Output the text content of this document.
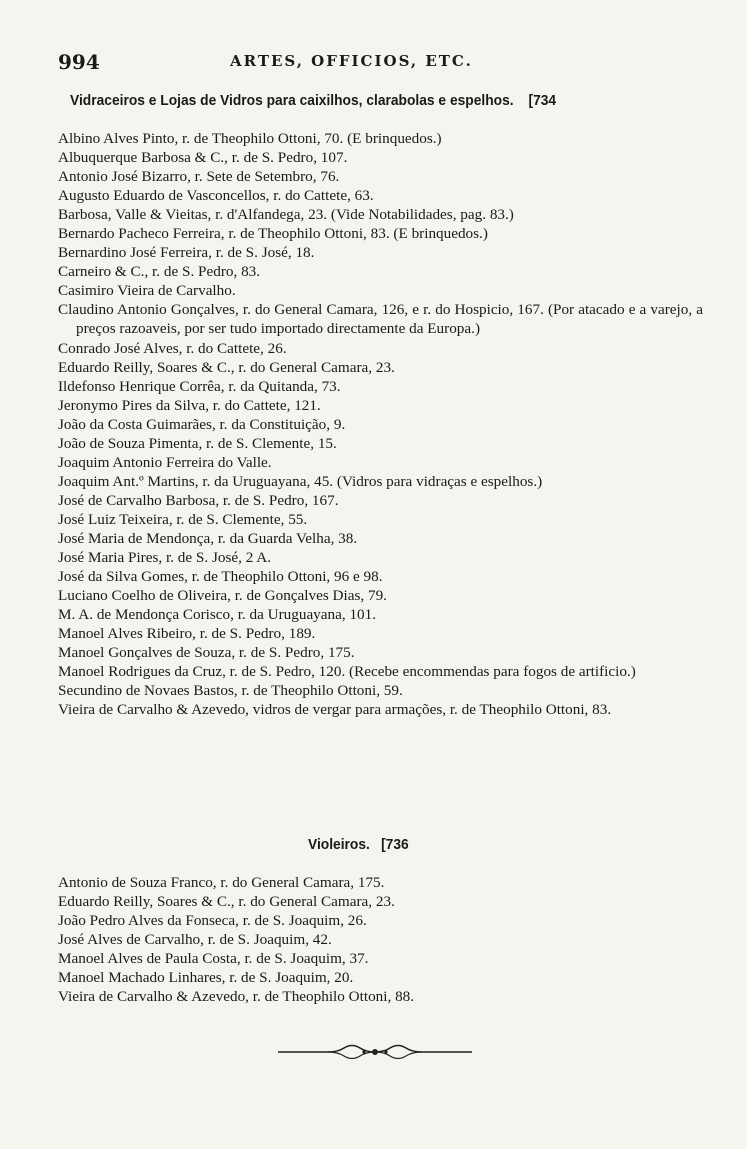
994	ARTES, OFFICIOS, ETC.
Vidraceiros e Lojas de Vidros para caixilhos, clarabolas e espelhos. [734
Albino Alves Pinto, r. de Theophilo Ottoni, 70. (E brinquedos.)
Albuquerque Barbosa & C., r. de S. Pedro, 107.
Antonio José Bizarro, r. Sete de Setembro, 76.
Augusto Eduardo de Vasconcellos, r. do Cattete, 63.
Barbosa, Valle & Vieitas, r. d'Alfandega, 23. (Vide Notabilidades, pag. 83.)
Bernardo Pacheco Ferreira, r. de Theophilo Ottoni, 83. (E brinquedos.)
Bernardino José Ferreira, r. de S. José, 18.
Carneiro & C., r. de S. Pedro, 83.
Casimiro Vieira de Carvalho.
Claudino Antonio Gonçalves, r. do General Camara, 126, e r. do Hospicio, 167. (Por atacado e a varejo, a preços razoaveis, por ser tudo importado directamente da Europa.)
Conrado José Alves, r. do Cattete, 26.
Eduardo Reilly, Soares & C., r. do General Camara, 23.
Ildefonso Henrique Corrêa, r. da Quitanda, 73.
Jeronymo Pires da Silva, r. do Cattete, 121.
João da Costa Guimarães, r. da Constituição, 9.
João de Souza Pimenta, r. de S. Clemente, 15.
Joaquim Antonio Ferreira do Valle.
Joaquim Ant.º Martins, r. da Uruguayana, 45. (Vidros para vidraças e espelhos.)
José de Carvalho Barbosa, r. de S. Pedro, 167.
José Luiz Teixeira, r. de S. Clemente, 55.
José Maria de Mendonça, r. da Guarda Velha, 38.
José Maria Pires, r. de S. José, 2 A.
José da Silva Gomes, r. de Theophilo Ottoni, 96 e 98.
Luciano Coelho de Oliveira, r. de Gonçalves Dias, 79.
M. A. de Mendonça Corisco, r. da Uruguayana, 101.
Manoel Alves Ribeiro, r. de S. Pedro, 189.
Manoel Gonçalves de Souza, r. de S. Pedro, 175.
Manoel Rodrigues da Cruz, r. de S. Pedro, 120. (Recebe encommendas para fogos de artificio.)
Secundino de Novaes Bastos, r. de Theophilo Ottoni, 59.
Vieira de Carvalho & Azevedo, vidros de vergar para armações, r. de Theophilo Ottoni, 83.
Violeiros. [736
Antonio de Souza Franco, r. do General Camara, 175.
Eduardo Reilly, Soares & C., r. do General Camara, 23.
João Pedro Alves da Fonseca, r. de S. Joaquim, 26.
José Alves de Carvalho, r. de S. Joaquim, 42.
Manoel Alves de Paula Costa, r. de S. Joaquim, 37.
Manoel Machado Linhares, r. de S. Joaquim, 20.
Vieira de Carvalho & Azevedo, r. de Theophilo Ottoni, 88.
